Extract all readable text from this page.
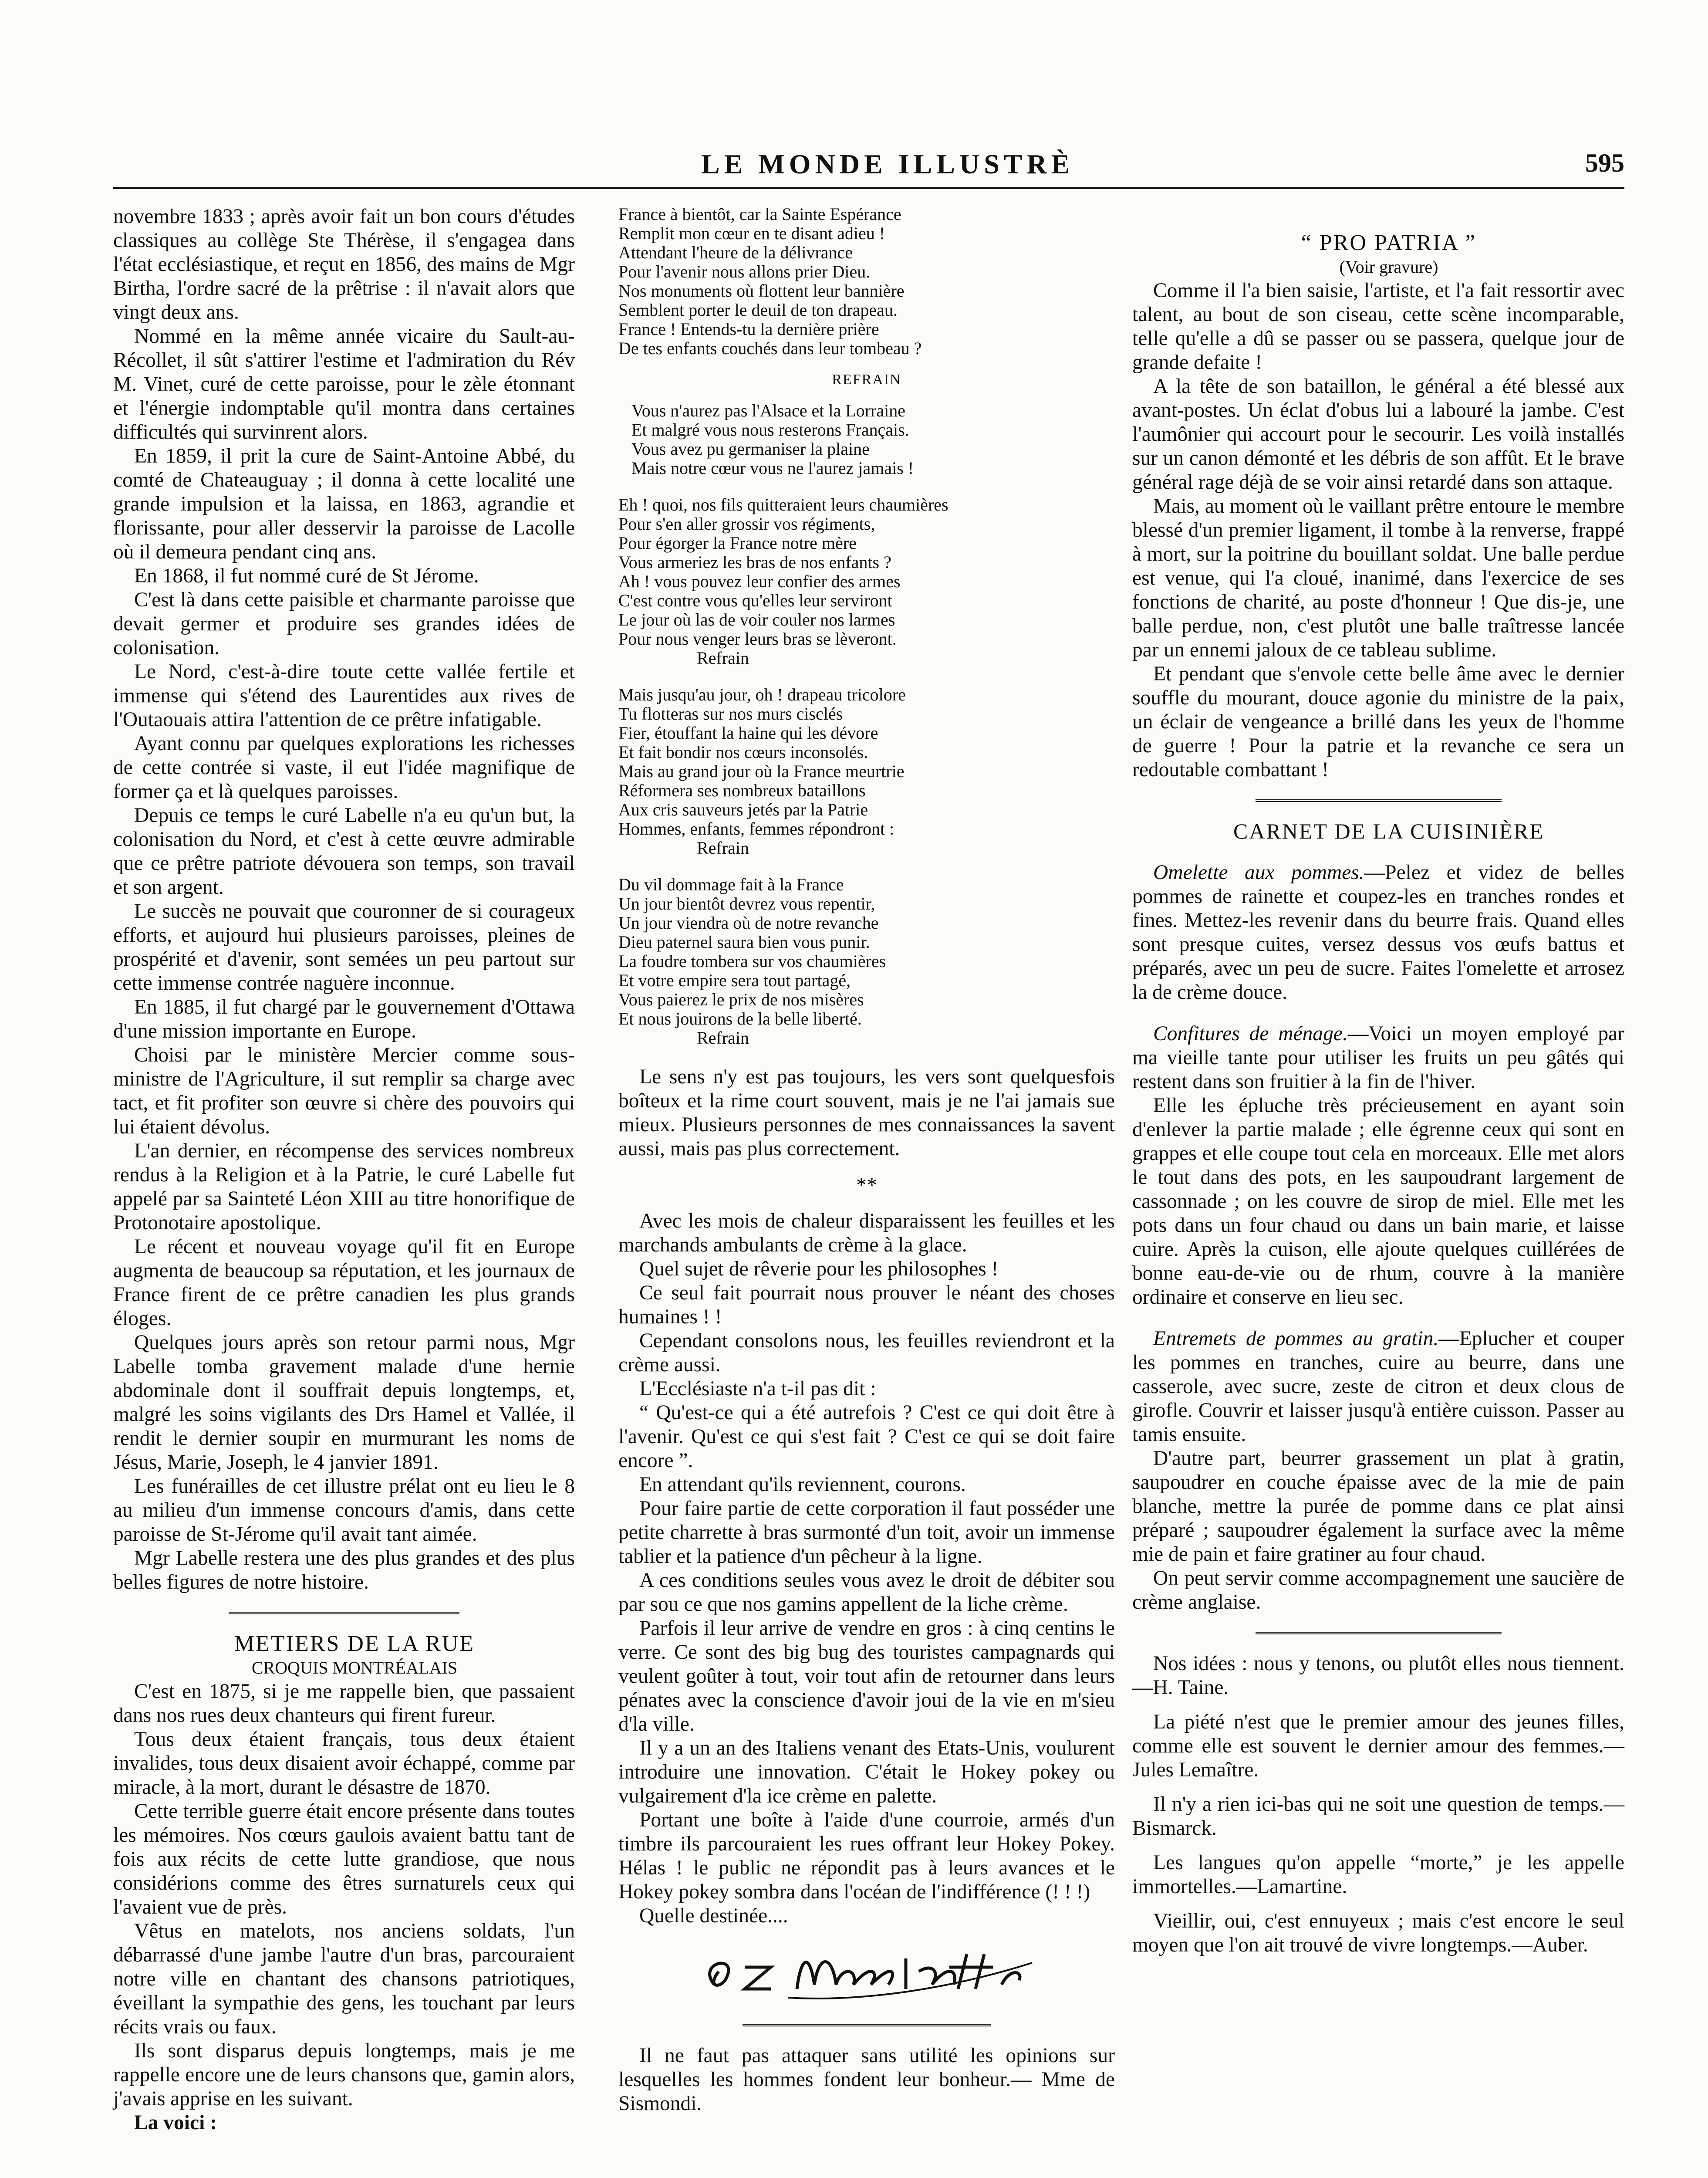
LE MONDE ILLUSTRÈ	595

novembre 1833 ; après avoir fait un bon cours d'études classiques au collège Ste Thérèse, il s'engagea dans l'état ecclésiastique, et reçut en 1856, des mains de Mgr Birtha, l'ordre sacré de la prêtrise : il n'avait alors que vingt deux ans.

Nommé en la même année vicaire du Sault-au-Récollet, il sût s'attirer l'estime et l'admiration du Rév M. Vinet, curé de cette paroisse, pour le zèle étonnant et l'énergie indomptable qu'il montra dans certaines difficultés qui survinrent alors.

En 1859, il prit la cure de Saint-Antoine Abbé, du comté de Chateauguay ; il donna à cette localité une grande impulsion et la laissa, en 1863, agrandie et florissante, pour aller desservir la paroisse de Lacolle où il demeura pendant cinq ans.

En 1868, il fut nommé curé de St Jérome.

C'est là dans cette paisible et charmante paroisse que devait germer et produire ses grandes idées de colonisation.

Le Nord, c'est-à-dire toute cette vallée fertile et immense qui s'étend des Laurentides aux rives de l'Outaouais attira l'attention de ce prêtre infatigable.

Ayant connu par quelques explorations les richesses de cette contrée si vaste, il eut l'idée magnifique de former ça et là quelques paroisses.

Depuis ce temps le curé Labelle n'a eu qu'un but, la colonisation du Nord, et c'est à cette œuvre admirable que ce prêtre patriote dévouera son temps, son travail et son argent.

Le succès ne pouvait que couronner de si courageux efforts, et aujourd hui plusieurs paroisses, pleines de prospérité et d'avenir, sont semées un peu partout sur cette immense contrée naguère inconnue.

En 1885, il fut chargé par le gouvernement d'Ottawa d'une mission importante en Europe.

Choisi par le ministère Mercier comme sous-ministre de l'Agriculture, il sut remplir sa charge avec tact, et fit profiter son œuvre si chère des pouvoirs qui lui étaient dévolus.

L'an dernier, en récompense des services nombreux rendus à la Religion et à la Patrie, le curé Labelle fut appelé par sa Sainteté Léon XIII au titre honorifique de Protonotaire apostolique.

Le récent et nouveau voyage qu'il fit en Europe augmenta de beaucoup sa réputation, et les journaux de France firent de ce prêtre canadien les plus grands éloges.

Quelques jours après son retour parmi nous, Mgr Labelle tomba gravement malade d'une hernie abdominale dont il souffrait depuis longtemps, et, malgré les soins vigilants des Drs Hamel et Vallée, il rendit le dernier soupir en murmurant les noms de Jésus, Marie, Joseph, le 4 janvier 1891.

Les funérailles de cet illustre prélat ont eu lieu le 8 au milieu d'un immense concours d'amis, dans cette paroisse de St-Jérome qu'il avait tant aimée.

Mgr Labelle restera une des plus grandes et des plus belles figures de notre histoire.

METIERS DE LA RUE

CROQUIS MONTRÉALAIS

C'est en 1875, si je me rappelle bien, que passaient dans nos rues deux chanteurs qui firent fureur.

Tous deux étaient français, tous deux étaient invalides, tous deux disaient avoir échappé, comme par miracle, à la mort, durant le désastre de 1870.

Cette terrible guerre était encore présente dans toutes les mémoires. Nos cœurs gaulois avaient battu tant de fois aux récits de cette lutte grandiose, que nous considérions comme des êtres surnaturels ceux qui l'avaient vue de près.

Vêtus en matelots, nos anciens soldats, l'un débarrassé d'une jambe l'autre d'un bras, parcouraient notre ville en chantant des chansons patriotiques, éveillant la sympathie des gens, les touchant par leurs récits vrais ou faux.

Ils sont disparus depuis longtemps, mais je me rappelle encore une de leurs chansons que, gamin alors, j'avais apprise en les suivant.

La voici :

France à bientôt, car la Sainte Espérance
Remplit mon cœur en te disant adieu !
Attendant l'heure de la délivrance
Pour l'avenir nous allons prier Dieu.
Nos monuments où flottent leur bannière
Semblent porter le deuil de ton drapeau.
France ! Entends-tu la dernière prière
De tes enfants couchés dans leur tombeau ?
REFRAIN
Vous n'aurez pas l'Alsace et la Lorraine
Et malgré vous nous resterons Français.
Vous avez pu germaniser la plaine
Mais notre cœur vous ne l'aurez jamais !
Eh ! quoi, nos fils quitteraient leurs chaumières
Pour s'en aller grossir vos régiments,
Pour égorger la France notre mère
Vous armeriez les bras de nos enfants ?
Ah ! vous pouvez leur confier des armes
C'est contre vous qu'elles leur serviront
Le jour où las de voir couler nos larmes
Pour nous venger leurs bras se lèveront.
Refrain
Mais jusqu'au jour, oh ! drapeau tricolore
Tu flotteras sur nos murs cisclés
Fier, étouffant la haine qui les dévore
Et fait bondir nos cœurs inconsolés.
Mais au grand jour où la France meurtrie
Réformera ses nombreux bataillons
Aux cris sauveurs jetés par la Patrie
Hommes, enfants, femmes répondront :
Refrain
Du vil dommage fait à la France
Un jour bientôt devrez vous repentir,
Un jour viendra où de notre revanche
Dieu paternel saura bien vous punir.
La foudre tombera sur vos chaumières
Et votre empire sera tout partagé,
Vous paierez le prix de nos misères
Et nous jouirons de la belle liberté.
Refrain

Le sens n'y est pas toujours, les vers sont quelquesfois boîteux et la rime court souvent, mais je ne l'ai jamais sue mieux. Plusieurs personnes de mes connaissances la savent aussi, mais pas plus correctement.

**

Avec les mois de chaleur disparaissent les feuilles et les marchands ambulants de crème à la glace.

Quel sujet de rêverie pour les philosophes !

Ce seul fait pourrait nous prouver le néant des choses humaines ! !

Cependant consolons nous, les feuilles reviendront et la crème aussi.

L'Ecclésiaste n'a t-il pas dit :

“ Qu'est-ce qui a été autrefois ? C'est ce qui doit être à l'avenir. Qu'est ce qui s'est fait ? C'est ce qui se doit faire encore ”.

En attendant qu'ils reviennent, courons.

Pour faire partie de cette corporation il faut posséder une petite charrette à bras surmonté d'un toit, avoir un immense tablier et la patience d'un pêcheur à la ligne.

A ces conditions seules vous avez le droit de débiter sou par sou ce que nos gamins appellent de la liche crème.

Parfois il leur arrive de vendre en gros : à cinq centins le verre. Ce sont des big bug des touristes campagnards qui veulent goûter à tout, voir tout afin de retourner dans leurs pénates avec la conscience d'avoir joui de la vie en m'sieu d'la ville.

Il y a un an des Italiens venant des Etats-Unis, voulurent introduire une innovation. C'était le Hokey pokey ou vulgairement d'la ice crème en palette.

Portant une boîte à l'aide d'une courroie, armés d'un timbre ils parcouraient les rues offrant leur Hokey Pokey. Hélas ! le public ne répondit pas à leurs avances et le Hokey pokey sombra dans l'océan de l'indifférence (! ! !)

Quelle destinée....

Il ne faut pas attaquer sans utilité les opinions sur lesquelles les hommes fondent leur bonheur.— Mme de Sismondi.

“ PRO PATRIA ”

(Voir gravure)

Comme il l'a bien saisie, l'artiste, et l'a fait ressortir avec talent, au bout de son ciseau, cette scène incomparable, telle qu'elle a dû se passer ou se passera, quelque jour de grande defaite !

A la tête de son bataillon, le général a été blessé aux avant-postes. Un éclat d'obus lui a labouré la jambe. C'est l'aumônier qui accourt pour le secourir. Les voilà installés sur un canon démonté et les débris de son affût. Et le brave général rage déjà de se voir ainsi retardé dans son attaque.

Mais, au moment où le vaillant prêtre entoure le membre blessé d'un premier ligament, il tombe à la renverse, frappé à mort, sur la poitrine du bouillant soldat. Une balle perdue est venue, qui l'a cloué, inanimé, dans l'exercice de ses fonctions de charité, au poste d'honneur ! Que dis-je, une balle perdue, non, c'est plutôt une balle traîtresse lancée par un ennemi jaloux de ce tableau sublime.

Et pendant que s'envole cette belle âme avec le dernier souffle du mourant, douce agonie du ministre de la paix, un éclair de vengeance a brillé dans les yeux de l'homme de guerre ! Pour la patrie et la revanche ce sera un redoutable combattant !

CARNET DE LA CUISINIÈRE

Omelette aux pommes.—Pelez et videz de belles pommes de rainette et coupez-les en tranches rondes et fines. Mettez-les revenir dans du beurre frais. Quand elles sont presque cuites, versez dessus vos œufs battus et préparés, avec un peu de sucre. Faites l'omelette et arrosez la de crème douce.

Confitures de ménage.—Voici un moyen employé par ma vieille tante pour utiliser les fruits un peu gâtés qui restent dans son fruitier à la fin de l'hiver.

Elle les épluche très précieusement en ayant soin d'enlever la partie malade ; elle égrenne ceux qui sont en grappes et elle coupe tout cela en morceaux. Elle met alors le tout dans des pots, en les saupoudrant largement de cassonnade ; on les couvre de sirop de miel. Elle met les pots dans un four chaud ou dans un bain marie, et laisse cuire. Après la cuison, elle ajoute quelques cuillérées de bonne eau-de-vie ou de rhum, couvre à la manière ordinaire et conserve en lieu sec.

Entremets de pommes au gratin.—Eplucher et couper les pommes en tranches, cuire au beurre, dans une casserole, avec sucre, zeste de citron et deux clous de girofle. Couvrir et laisser jusqu'à entière cuisson. Passer au tamis ensuite.

D'autre part, beurrer grassement un plat à gratin, saupoudrer en couche épaisse avec de la mie de pain blanche, mettre la purée de pomme dans ce plat ainsi préparé ; saupoudrer également la surface avec la même mie de pain et faire gratiner au four chaud.

On peut servir comme accompagnement une saucière de crème anglaise.

Nos idées : nous y tenons, ou plutôt elles nous tiennent.—H. Taine.

La piété n'est que le premier amour des jeunes filles, comme elle est souvent le dernier amour des femmes.—Jules Lemaître.

Il n'y a rien ici-bas qui ne soit une question de temps.—Bismarck.

Les langues qu'on appelle “morte,” je les appelle immortelles.—Lamartine.

Vieillir, oui, c'est ennuyeux ; mais c'est encore le seul moyen que l'on ait trouvé de vivre longtemps.—Auber.
